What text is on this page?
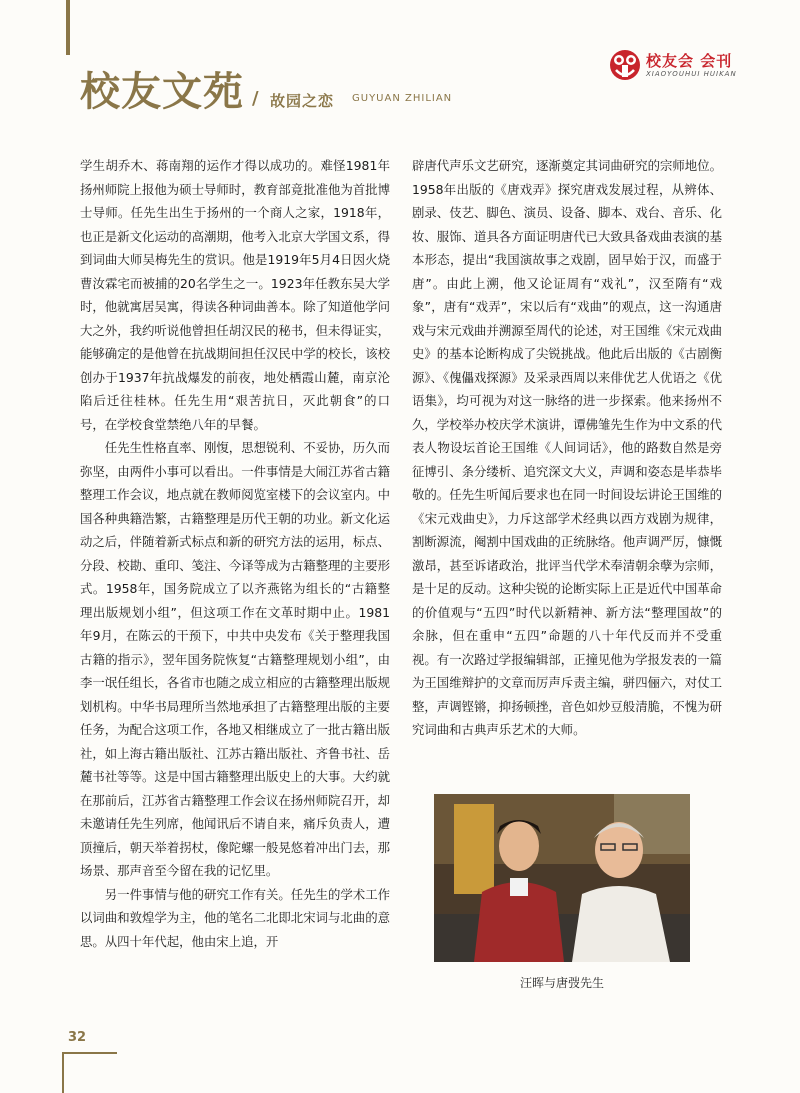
校友文苑 / 故园之恋 GUYUAN ZHILIAN
校友会 会刊
XIAOYOUHUI HUIKAN

学生胡乔木、蒋南翔的运作才得以成功的。难怪1981年扬州师院上报他为硕士导师时，教育部竟批准他为首批博士导师。任先生出生于扬州的一个商人之家，1918年，也正是新文化运动的高潮期，他考入北京大学国文系，得到词曲大师吴梅先生的赏识。他是1919年5月4日因火烧曹汝霖宅而被捕的20名学生之一。1923年任教东吴大学时，他就寓居吴寓，得读各种词曲善本。除了知道他学问大之外，我约听说他曾担任胡汉民的秘书，但未得证实，能够确定的是他曾在抗战期间担任汉民中学的校长，该校创办于1937年抗战爆发的前夜，地处栖霞山麓，南京沦陷后迁往桂林。任先生用“艰苦抗日，灭此朝食”的口号，在学校食堂禁绝八年的早餐。

任先生性格直率、刚愎，思想锐利、不妥协，历久而弥坚，由两件小事可以看出。一件事情是大闹江苏省古籍整理工作会议，地点就在教师阅览室楼下的会议室内。中国各种典籍浩繁，古籍整理是历代王朝的功业。新文化运动之后，伴随着新式标点和新的研究方法的运用，标点、分段、校勘、重印、笺注、今译等成为古籍整理的主要形式。1958年，国务院成立了以齐燕铭为组长的“古籍整理出版规划小组”，但这项工作在文革时期中止。1981年9月，在陈云的干预下，中共中央发布《关于整理我国古籍的指示》，翌年国务院恢复“古籍整理规划小组”，由李一氓任组长，各省市也随之成立相应的古籍整理出版规划机构。中华书局理所当然地承担了古籍整理出版的主要任务，为配合这项工作，各地又相继成立了一批古籍出版社，如上海古籍出版社、江苏古籍出版社、齐鲁书社、岳麓书社等等。这是中国古籍整理出版史上的大事。大约就在那前后，江苏省古籍整理工作会议在扬州师院召开，却未邀请任先生列席，他闻讯后不请自来，痛斥负责人，遭顶撞后，朝天举着拐杖，像陀螺一般晃悠着冲出门去，那场景、那声音至今留在我的记忆里。

另一件事情与他的研究工作有关。任先生的学术工作以词曲和敦煌学为主，他的笔名二北即北宋词与北曲的意思。从四十年代起，他由宋上追，开

辟唐代声乐文艺研究，逐渐奠定其词曲研究的宗师地位。1958年出版的《唐戏弄》探究唐戏发展过程，从辨体、剧录、伎艺、脚色、演员、设备、脚本、戏台、音乐、化妆、服饰、道具各方面证明唐代已大致具备戏曲表演的基本形态，提出“我国演故事之戏剧，固早始于汉，而盛于唐”。由此上溯，他又论证周有“戏礼”，汉至隋有“戏象”，唐有“戏弄”，宋以后有“戏曲”的观点，这一沟通唐戏与宋元戏曲并溯源至周代的论述，对王国维《宋元戏曲史》的基本论断构成了尖锐挑战。他此后出版的《古剧衡源》、《傀儡戏探源》及采录西周以来俳优艺人优语之《优语集》，均可视为对这一脉络的进一步探索。他来扬州不久，学校举办校庆学术演讲，谭佛雏先生作为中文系的代表人物设坛首论王国维《人间词话》，他的路数自然是旁征博引、条分缕析、追究深文大义，声调和姿态是毕恭毕敬的。任先生听闻后要求也在同一时间设坛讲论王国维的《宋元戏曲史》，力斥这部学术经典以西方戏剧为规律，割断源流，阉割中国戏曲的正统脉络。他声调严厉，慷慨激昂，甚至诉诸政治，批评当代学术奉清朝余孽为宗师，是十足的反动。这种尖锐的论断实际上正是近代中国革命的价值观与“五四”时代以新精神、新方法“整理国故”的余脉，但在重申“五四”命题的八十年代反而并不受重视。有一次路过学报编辑部，正撞见他为学报发表的一篇为王国维辩护的文章而厉声斥责主编，骈四俪六，对仗工整，声调铿锵，抑扬顿挫，音色如炒豆般清脆，不愧为研究词曲和古典声乐艺术的大师。

汪晖与唐弢先生
32
